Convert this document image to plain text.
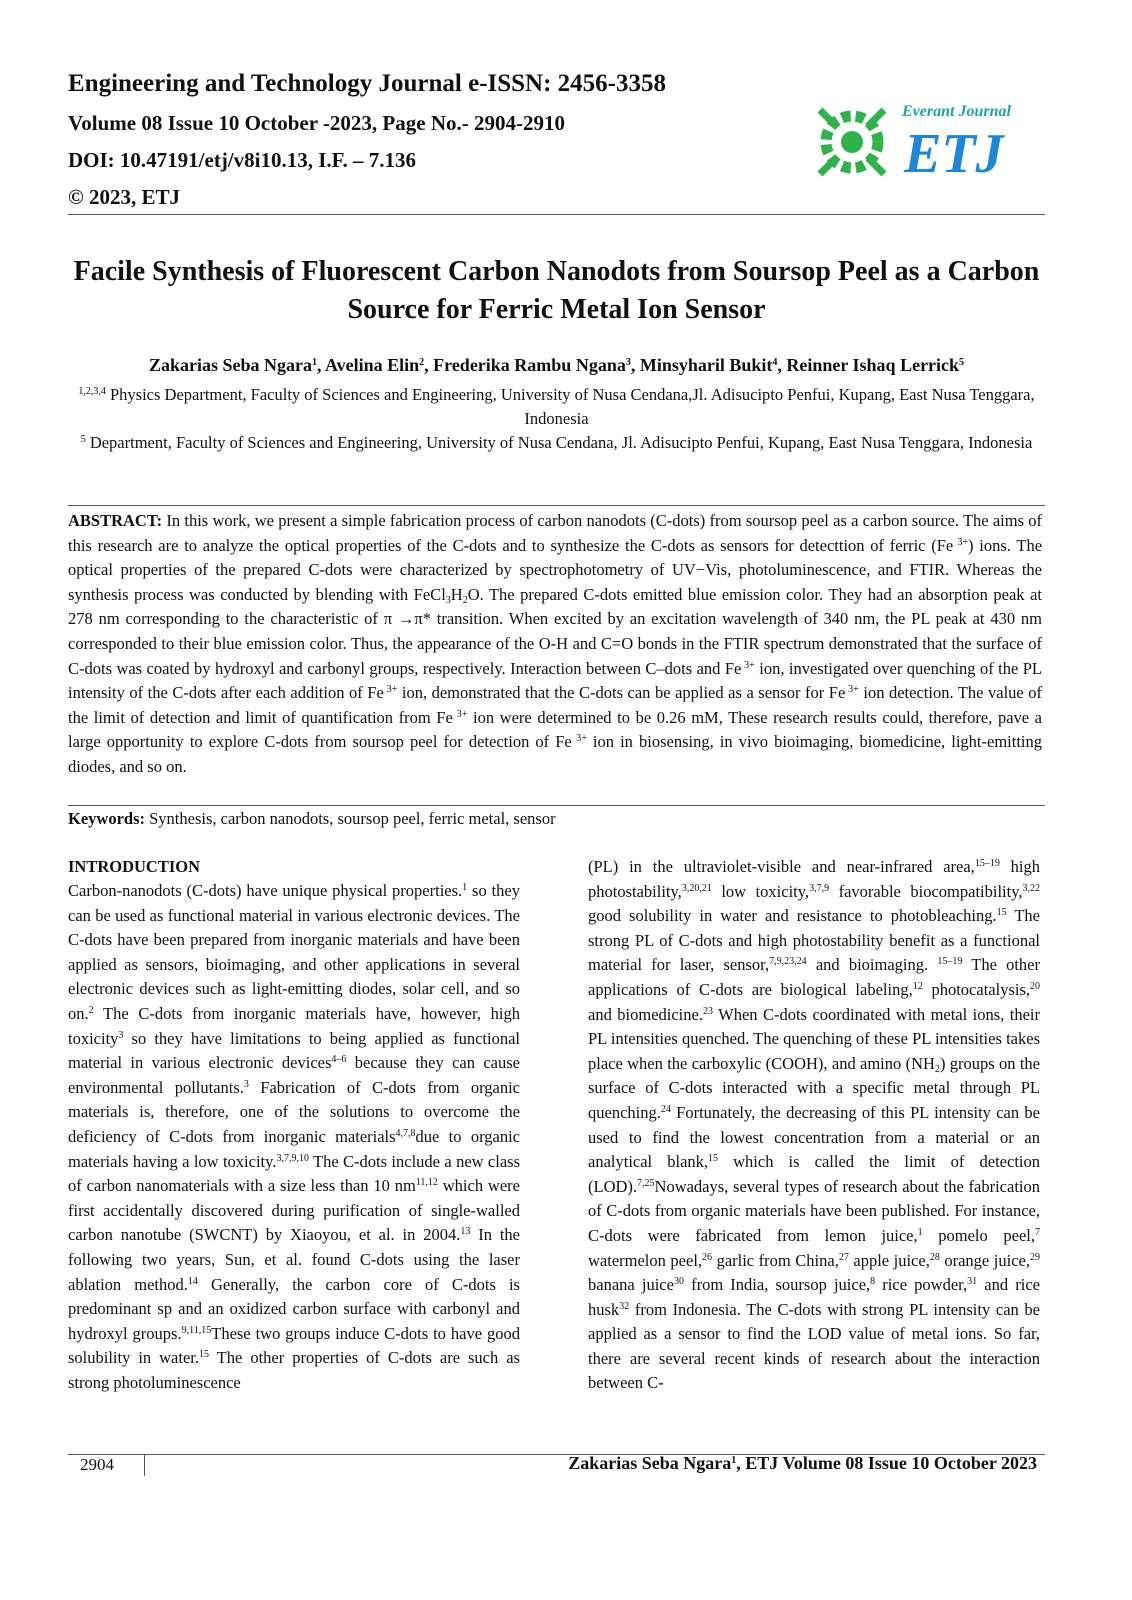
Engineering and Technology Journal e-ISSN: 2456-3358
Volume 08 Issue 10 October -2023, Page No.- 2904-2910
DOI: 10.47191/etj/v8i10.13, I.F. – 7.136
© 2023, ETJ
Everant Journal
ETJ
Facile Synthesis of Fluorescent Carbon Nanodots from Soursop Peel as a Carbon Source for Ferric Metal Ion Sensor
Zakarias Seba Ngara$^1$, Avelina Elin$^2$, Frederika Rambu Ngana$^3$, Minsyharil Bukit$^4$, Reinner Ishaq Lerrick$^5$
$^{1,2,3,4}$ Physics Department, Faculty of Sciences and Engineering, University of Nusa Cendana,Jl. Adisucipto Penfui, Kupang, East Nusa Tenggara, Indonesia
$^5$ Department, Faculty of Sciences and Engineering, University of Nusa Cendana, Jl. Adisucipto Penfui, Kupang, East Nusa Tenggara, Indonesia

ABSTRACT: In this work, we present a simple fabrication process of carbon nanodots (C-dots) from soursop peel as a carbon source. The aims of this research are to analyze the optical properties of the C-dots and to synthesize the C-dots as sensors for detecttion of ferric (Fe $^{3+}$) ions. The optical properties of the prepared C-dots were characterized by spectrophotometry of UV−Vis, photoluminescence, and FTIR. Whereas the synthesis process was conducted by blending with $FeCl_3H_2O$. The prepared C-dots emitted blue emission color. They had an absorption peak at 278 nm corresponding to the characteristic of π →π* transition. When excited by an excitation wavelength of 340 nm, the PL peak at 430 nm corresponded to their blue emission color. Thus, the appearance of the O-H and C=O bonds in the FTIR spectrum demonstrated that the surface of C-dots was coated by hydroxyl and carbonyl groups, respectively. Interaction between C–dots and Fe $^{3+}$ ion, investigated over quenching of the PL intensity of the C-dots after each addition of Fe $^{3+}$ ion, demonstrated that the C-dots can be applied as a sensor for Fe $^{3+}$ ion detection. The value of the limit of detection and limit of quantification from Fe $^{3+}$ ion were determined to be 0.26 mM, These research results could, therefore, pave a large opportunity to explore C-dots from soursop peel for detection of Fe $^{3+}$ ion in biosensing, in vivo bioimaging, biomedicine, light-emitting diodes, and so on.

Keywords: Synthesis, carbon nanodots, soursop peel, ferric metal, sensor

INTRODUCTION
Carbon-nanodots (C-dots) have unique physical properties.$^1$ so they can be used as functional material in various electronic devices. The C-dots have been prepared from inorganic materials and have been applied as sensors, bioimaging, and other applications in several electronic devices such as light-emitting diodes, solar cell, and so on.$^2$ The C-dots from inorganic materials have, however, high toxicity$^3$ so they have limitations to being applied as functional material in various electronic devices$^{4-6}$ because they can cause environmental pollutants.$^3$ Fabrication of C-dots from organic materials is, therefore, one of the solutions to overcome the deficiency of C-dots from inorganic materials$^{4,7,8}$due to organic materials having a low toxicity.$^{3,7,9,10}$ The C-dots include a new class of carbon nanomaterials with a size less than 10 nm$^{11,12}$ which were first accidentally discovered during purification of single-walled carbon nanotube (SWCNT) by Xiaoyou, et al. in 2004.13 In the following two years, Sun, et al. found C-dots using the laser ablation method.$^{14}$ Generally, the carbon core of C-dots is predominant sp and an oxidized carbon surface with carbonyl and hydroxyl groups.$^{9,11,15}$These two groups induce C-dots to have good solubility in water.$^{15}$ The other properties of C-dots are such as strong photoluminescence

(PL) in the ultraviolet-visible and near-infrared area,$^{15-19}$ high photostability,$^{3,20,21}$ low toxicity,$^{3,7,9}$ favorable biocompatibility,$^{3,22}$ good solubility in water and resistance to photobleaching.$^{15}$ The strong PL of C-dots and high photostability benefit as a functional material for laser, sensor,$^{7,9,23,24}$ and bioimaging. $^{15-19}$ The other applications of C-dots are biological labeling,$^{12}$ photocatalysis,$^{20}$ and biomedicine.$^{23}$ When C-dots coordinated with metal ions, their PL intensities quenched. The quenching of these PL intensities takes place when the carboxylic (COOH), and amino $(NH_2)$ groups on the surface of C-dots interacted with a specific metal through PL quenching.$^{24}$ Fortunately, the decreasing of this PL intensity can be used to find the lowest concentration from a material or an analytical blank,$^{15}$ which is called the limit of detection (LOD).$^{7,25}$Nowadays, several types of research about the fabrication of C-dots from organic materials have been published. For instance, C-dots were fabricated from lemon juice,$^1$ pomelo peel,$^7$ watermelon peel,$^{26}$ garlic from China,$^{27}$ apple juice,$^{28}$ orange juice,$^{29}$ banana juice$^{30}$ from India, soursop juice,$^8$ rice powder,$^{31}$ and rice husk$^{32}$ from Indonesia. The C-dots with strong PL intensity can be applied as a sensor to find the LOD value of metal ions. So far, there are several recent kinds of research about the interaction between C-

2904	Zakarias Seba Ngara$^1$, ETJ Volume 08 Issue 10 October 2023
